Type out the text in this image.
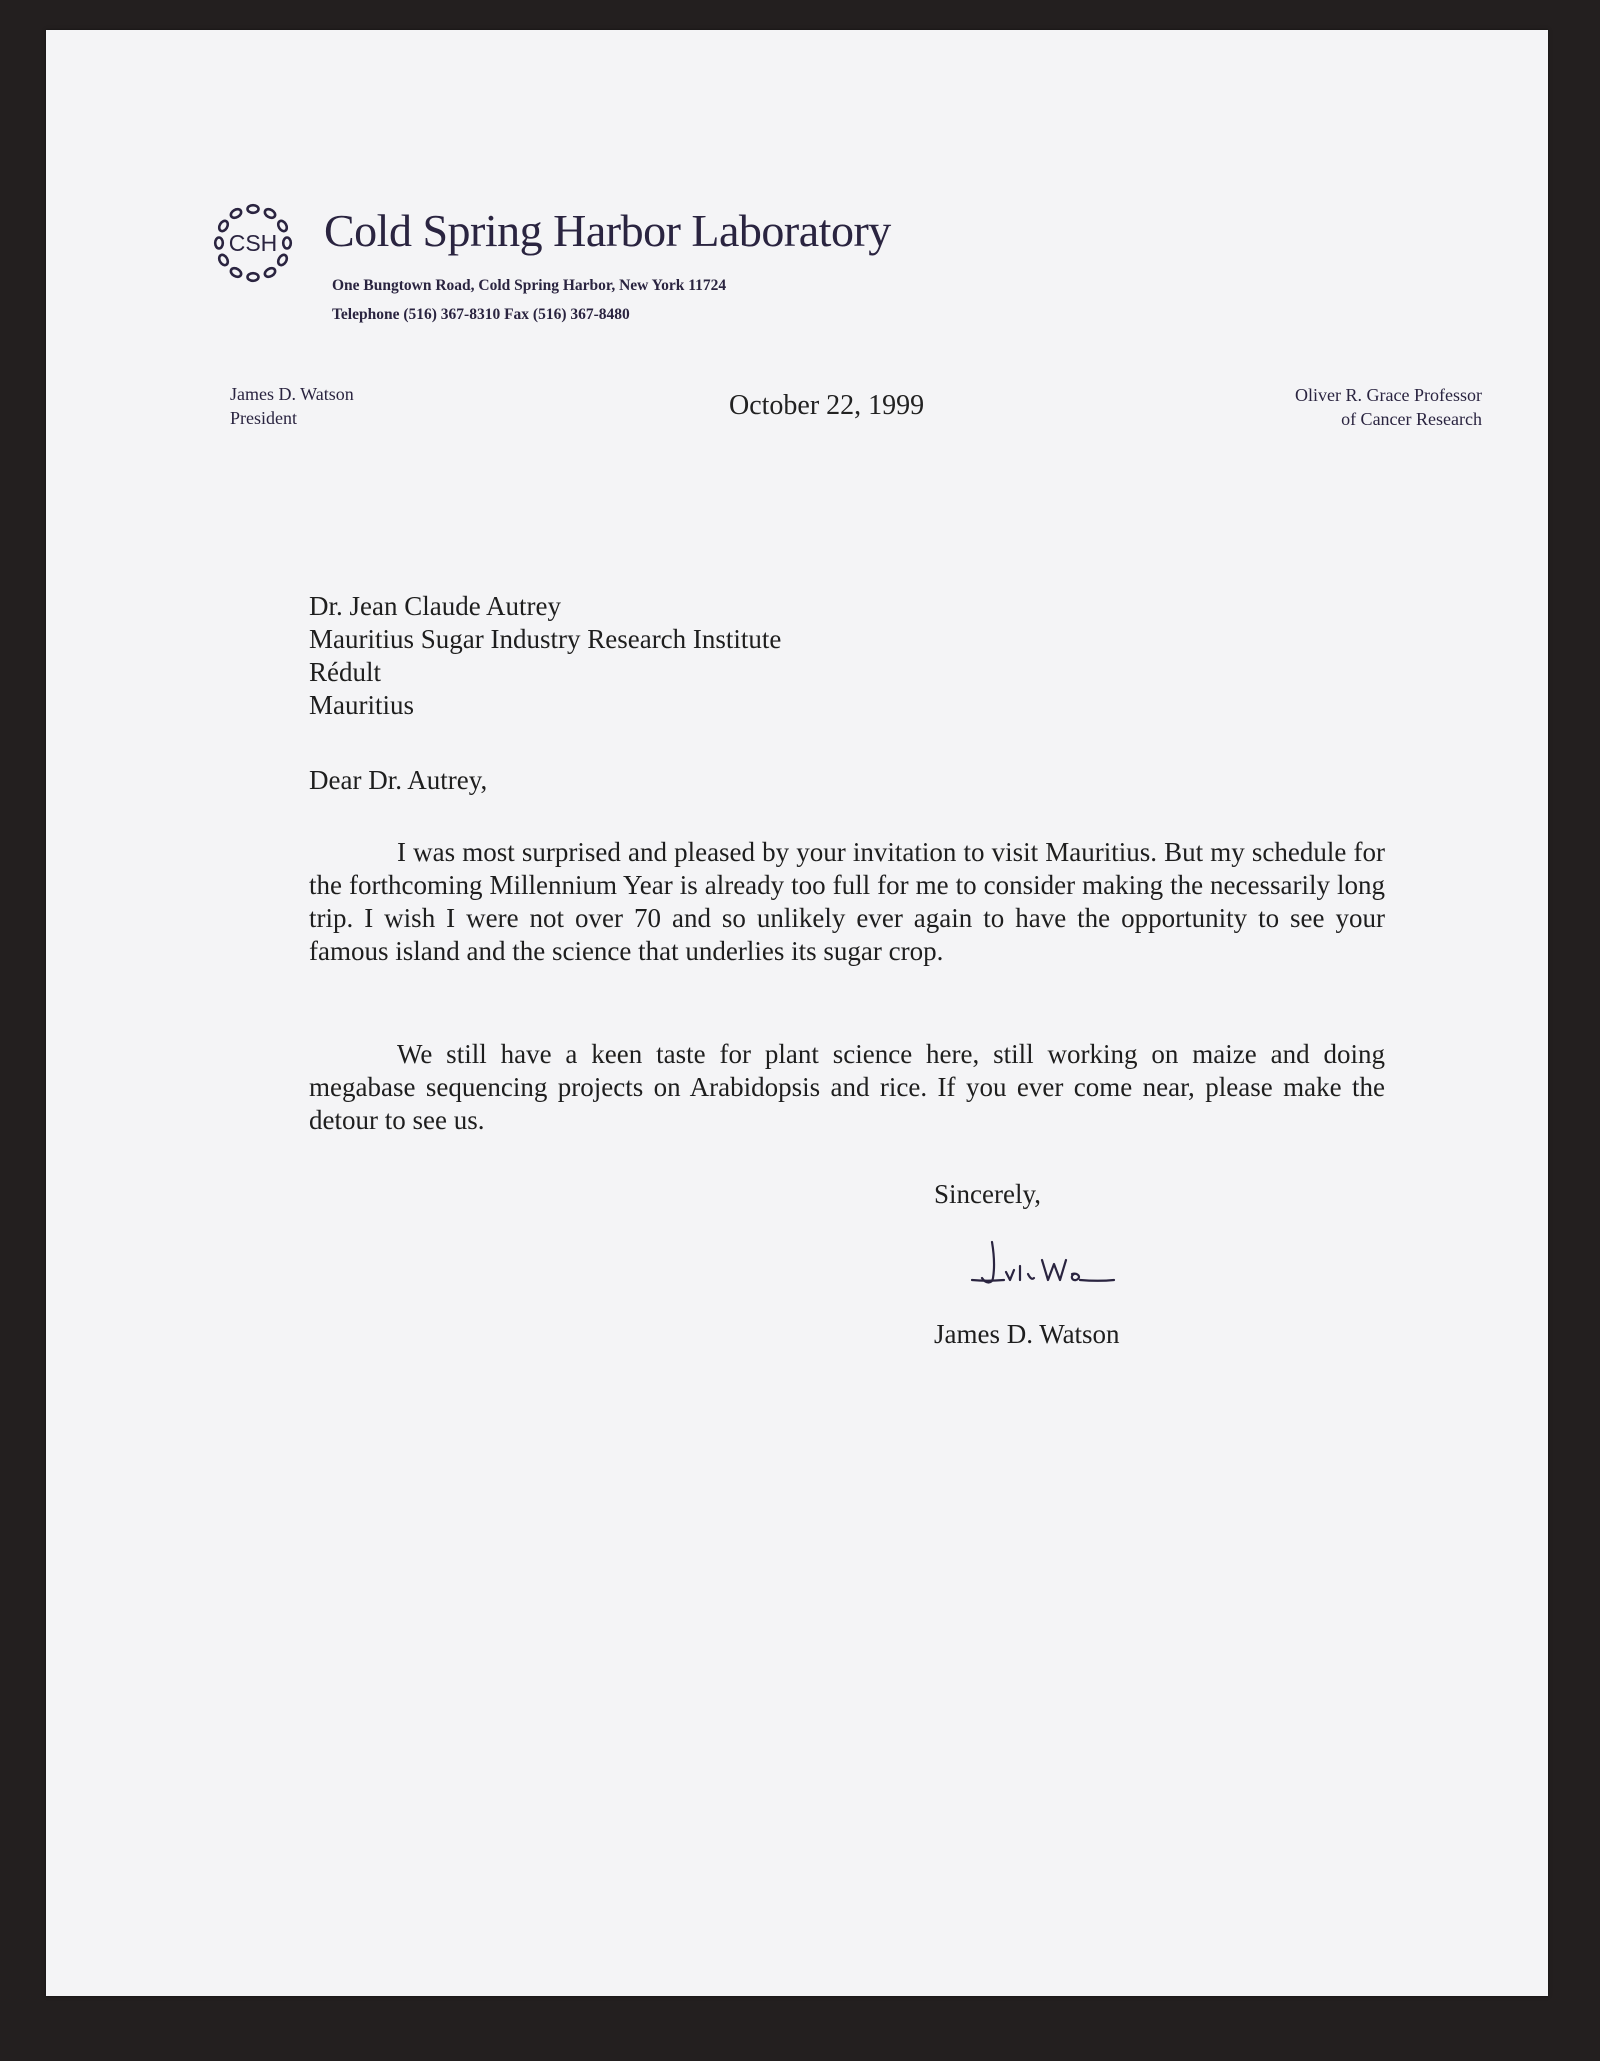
CSH Cold Spring Harbor Laboratory
One Bungtown Road, Cold Spring Harbor, New York 11724
Telephone (516) 367-8310 Fax (516) 367-8480
James D. Watson
President	October 22, 1999	Oliver R. Grace Professor
of Cancer Research
Dr. Jean Claude Autrey
Mauritius Sugar Industry Research Institute
Rédult
Mauritius
Dear Dr. Autrey,

I was most surprised and pleased by your invitation to visit Mauritius. But my schedule for the forthcoming Millennium Year is already too full for me to consider making the necessarily long trip. I wish I were not over 70 and so unlikely ever again to have the opportunity to see your famous island and the science that underlies its sugar crop.

We still have a keen taste for plant science here, still working on maize and doing megabase sequencing projects on Arabidopsis and rice. If you ever come near, please make the detour to see us.

Sincerely,
James D. Watson
